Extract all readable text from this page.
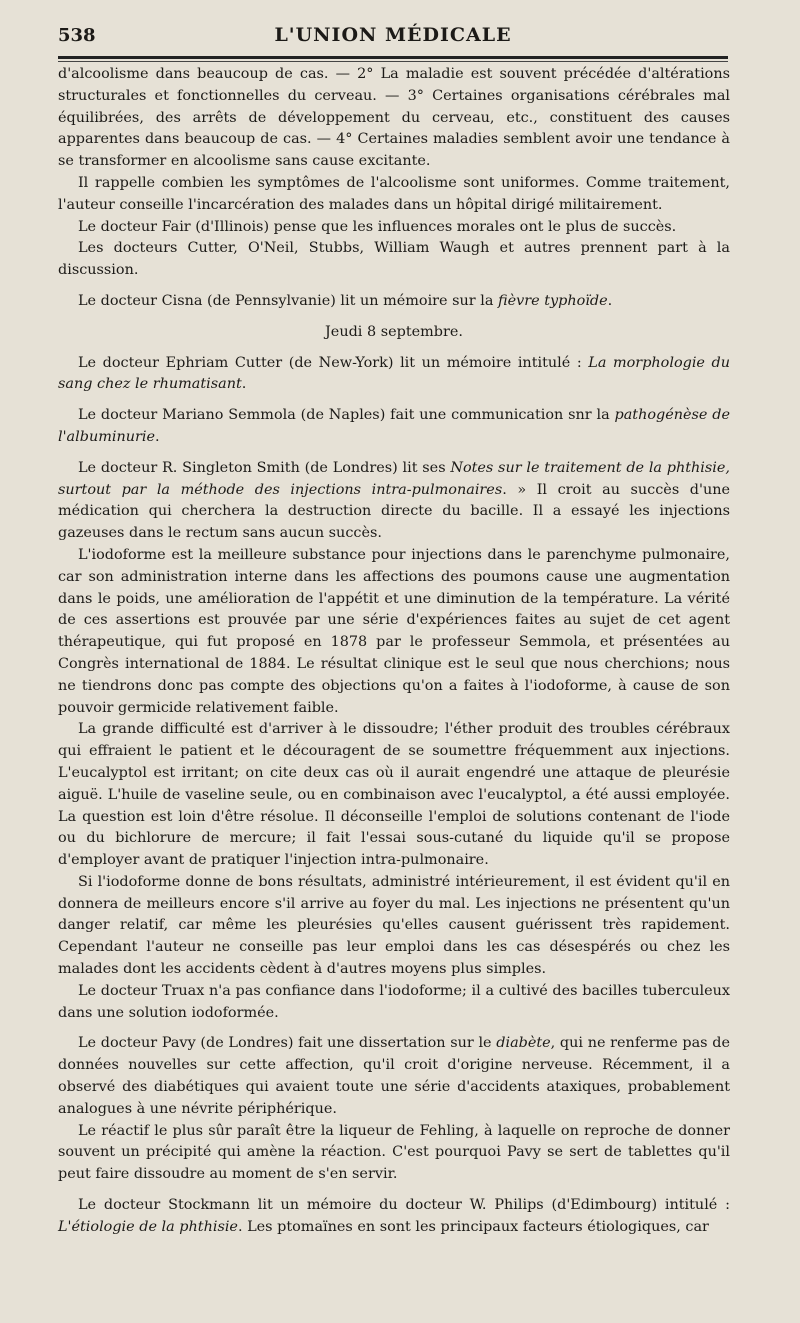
538	L'UNION MÉDICALE

d'alcoolisme dans beaucoup de cas. — 2° La maladie est souvent précédée d'altérations structurales et fonctionnelles du cerveau. — 3° Certaines organisations cérébrales mal équilibrées, des arrêts de développement du cerveau, etc., constituent des causes apparentes dans beaucoup de cas. — 4° Certaines maladies semblent avoir une tendance à se transformer en alcoolisme sans cause excitante.

Il rappelle combien les symptômes de l'alcoolisme sont uniformes. Comme traitement, l'auteur conseille l'incarcération des malades dans un hôpital dirigé militairement.

Le docteur Fair (d'Illinois) pense que les influences morales ont le plus de succès.

Les docteurs Cutter, O'Neil, Stubbs, William Waugh et autres prennent part à la discussion.

Le docteur Cisna (de Pennsylvanie) lit un mémoire sur la fièvre typhoïde.

Jeudi 8 septembre.

Le docteur Ephriam Cutter (de New-York) lit un mémoire intitulé : La morphologie du sang chez le rhumatisant.

Le docteur Mariano Semmola (de Naples) fait une communication snr la pathogénèse de l'albuminurie.

Le docteur R. Singleton Smith (de Londres) lit ses Notes sur le traitement de la phthisie, surtout par la méthode des injections intra-pulmonaires. » Il croit au succès d'une médication qui cherchera la destruction directe du bacille. Il a essayé les injections gazeuses dans le rectum sans aucun succès.

L'iodoforme est la meilleure substance pour injections dans le parenchyme pulmonaire, car son administration interne dans les affections des poumons cause une augmentation dans le poids, une amélioration de l'appétit et une diminution de la température. La vérité de ces assertions est prouvée par une série d'expériences faites au sujet de cet agent thérapeutique, qui fut proposé en 1878 par le professeur Semmola, et présentées au Congrès international de 1884. Le résultat clinique est le seul que nous cherchions; nous ne tiendrons donc pas compte des objections qu'on a faites à l'iodoforme, à cause de son pouvoir germicide relativement faible.

La grande difficulté est d'arriver à le dissoudre; l'éther produit des troubles cérébraux qui effraient le patient et le découragent de se soumettre fréquemment aux injections. L'eucalyptol est irritant; on cite deux cas où il aurait engendré une attaque de pleurésie aiguë. L'huile de vaseline seule, ou en combinaison avec l'eucalyptol, a été aussi employée. La question est loin d'être résolue. Il déconseille l'emploi de solutions contenant de l'iode ou du bichlorure de mercure; il fait l'essai sous-cutané du liquide qu'il se propose d'employer avant de pratiquer l'injection intra-pulmonaire.

Si l'iodoforme donne de bons résultats, administré intérieurement, il est évident qu'il en donnera de meilleurs encore s'il arrive au foyer du mal. Les injections ne présentent qu'un danger relatif, car même les pleurésies qu'elles causent guérissent très rapidement. Cependant l'auteur ne conseille pas leur emploi dans les cas désespérés ou chez les malades dont les accidents cèdent à d'autres moyens plus simples.

Le docteur Truax n'a pas confiance dans l'iodoforme; il a cultivé des bacilles tuberculeux dans une solution iodoformée.

Le docteur Pavy (de Londres) fait une dissertation sur le diabète, qui ne renferme pas de données nouvelles sur cette affection, qu'il croit d'origine nerveuse. Récemment, il a observé des diabétiques qui avaient toute une série d'accidents ataxiques, probablement analogues à une névrite périphérique.

Le réactif le plus sûr paraît être la liqueur de Fehling, à laquelle on reproche de donner souvent un précipité qui amène la réaction. C'est pourquoi Pavy se sert de tablettes qu'il peut faire dissoudre au moment de s'en servir.

Le docteur Stockmann lit un mémoire du docteur W. Philips (d'Edimbourg) intitulé : L'étiologie de la phthisie. Les ptomaïnes en sont les principaux facteurs étiologiques, car
